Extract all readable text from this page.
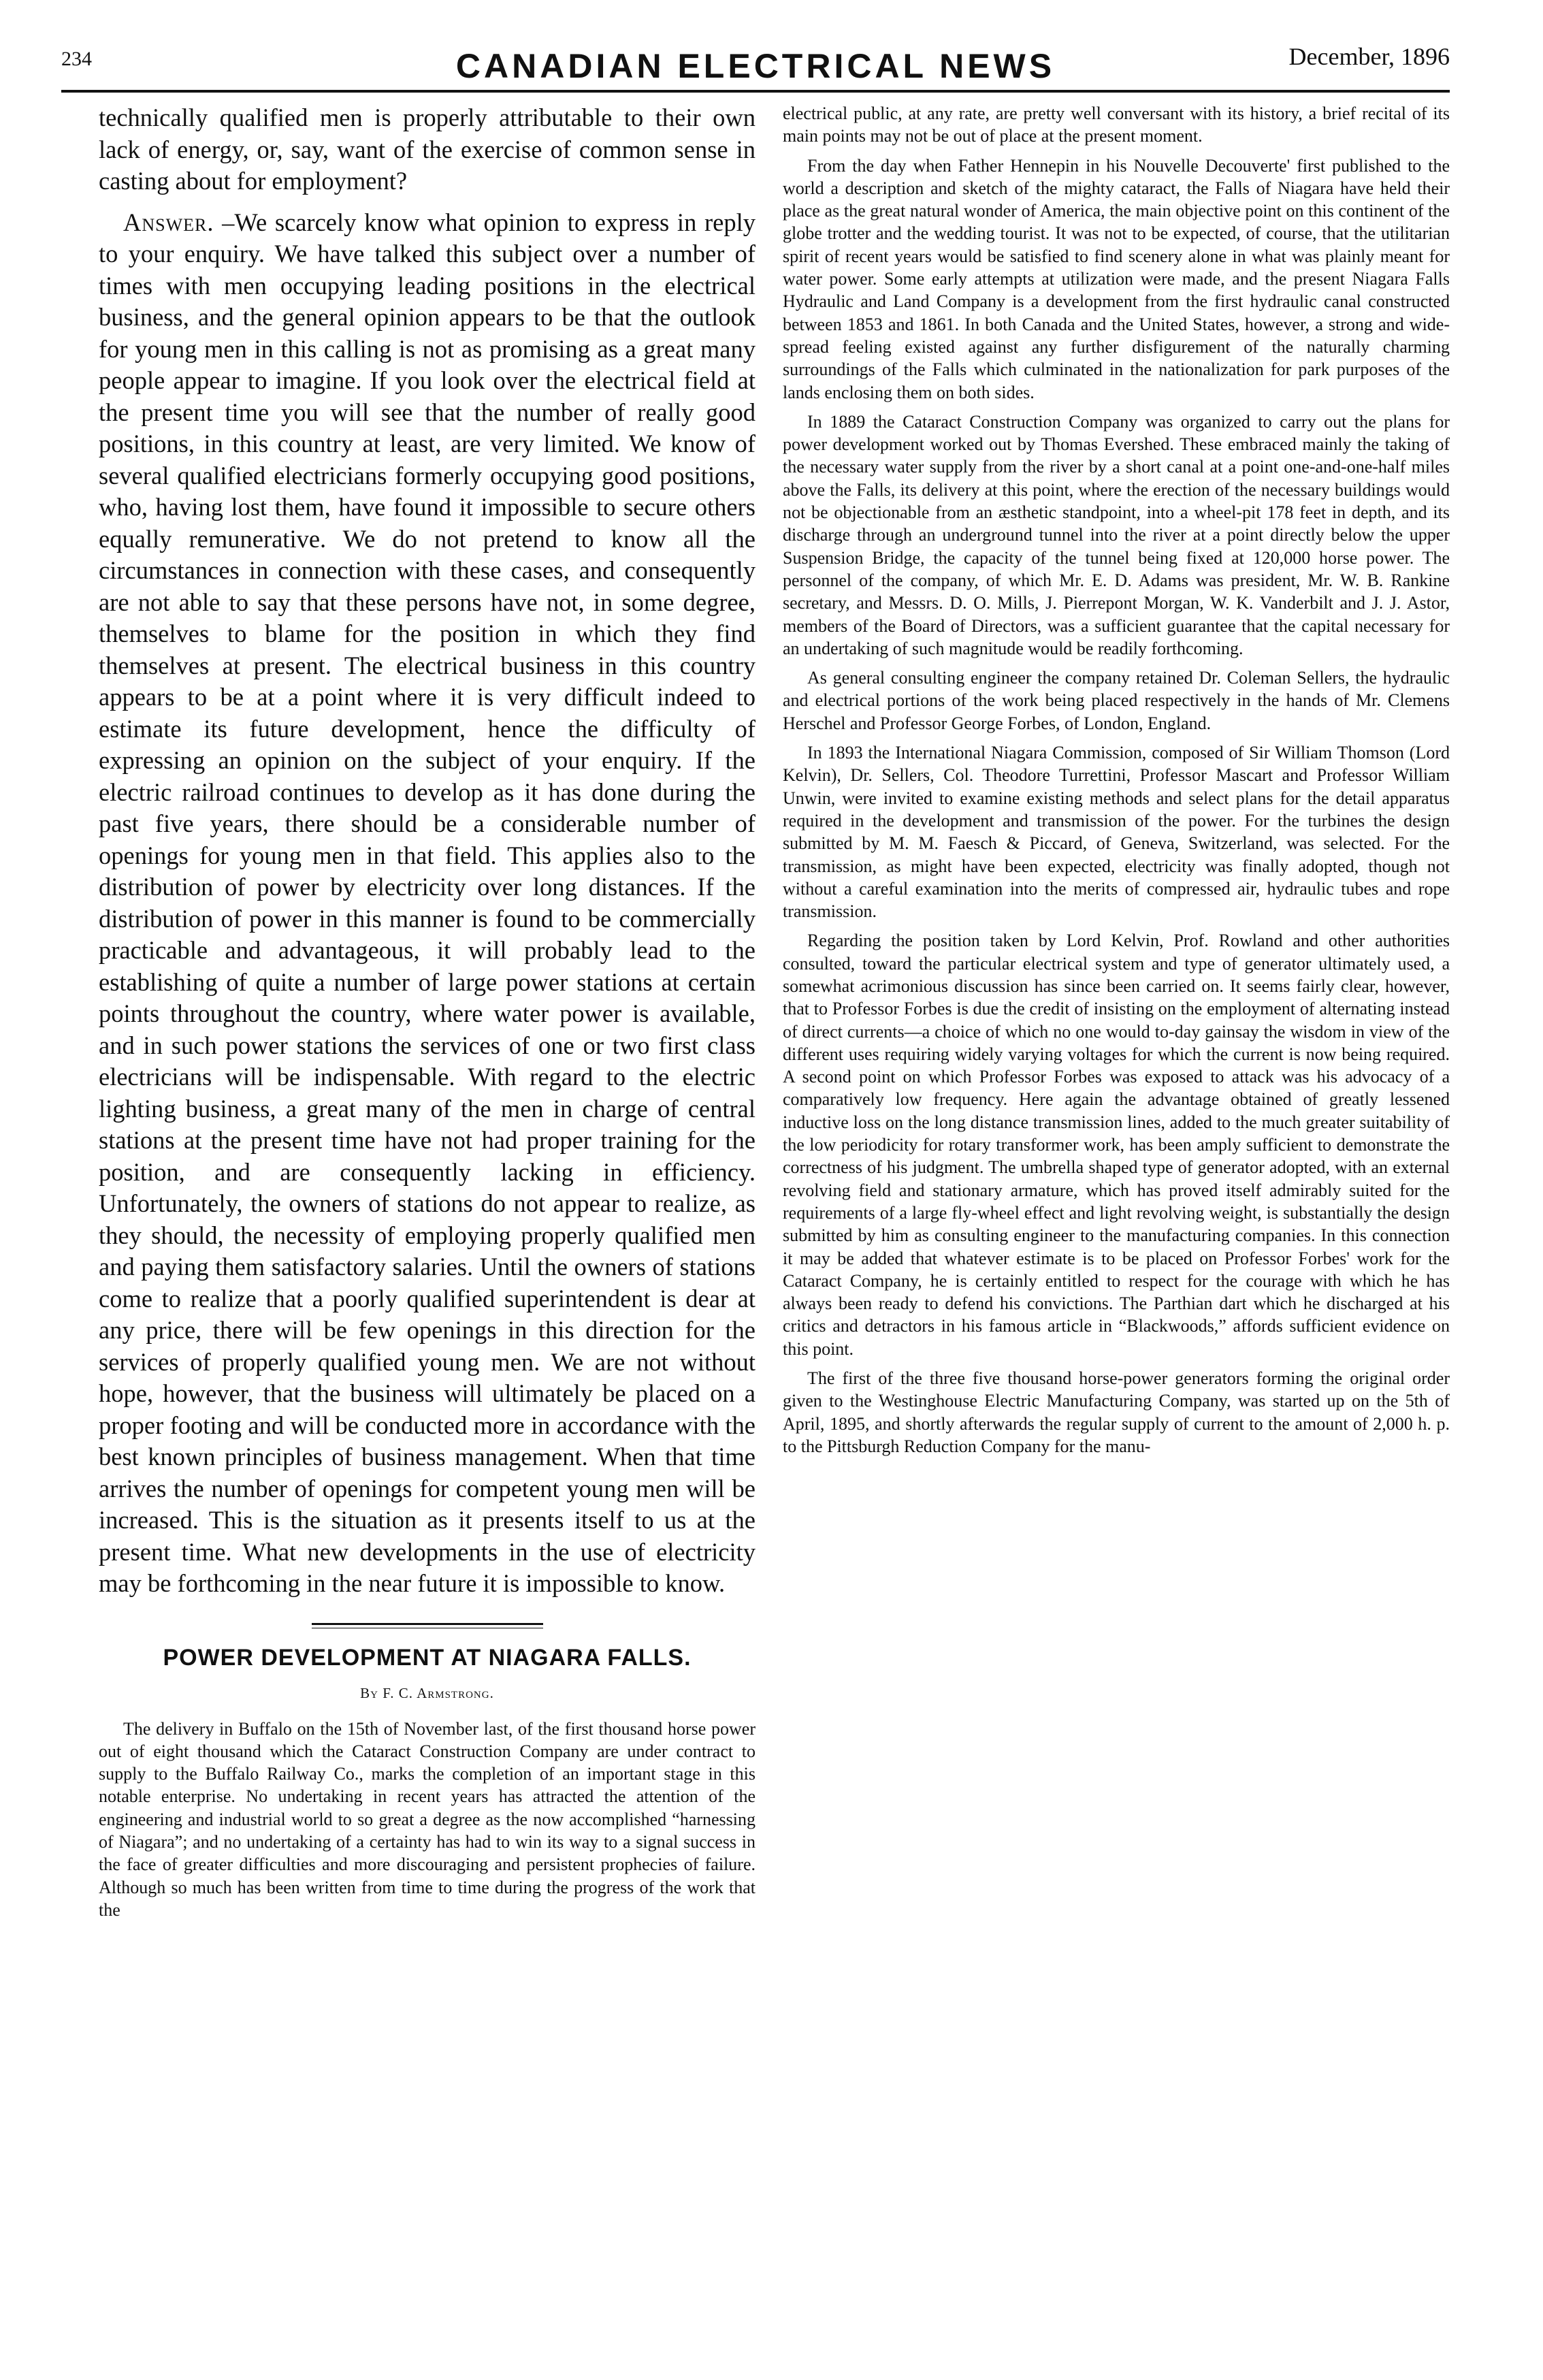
234	CANADIAN ELECTRICAL NEWS	December, 1896

technically qualified men is properly attributable to their own lack of energy, or, say, want of the exercise of common sense in casting about for employment?

Answer. –We scarcely know what opinion to express in reply to your enquiry. We have talked this subject over a number of times with men occupying leading positions in the electrical business, and the general opinion appears to be that the outlook for young men in this calling is not as promising as a great many people appear to imagine. If you look over the electrical field at the present time you will see that the number of really good positions, in this country at least, are very limited. We know of several qualified electricians formerly occupying good positions, who, having lost them, have found it impossible to secure others equally remunerative. We do not pretend to know all the circumstances in connection with these cases, and consequently are not able to say that these persons have not, in some degree, themselves to blame for the position in which they find themselves at present. The electrical business in this country appears to be at a point where it is very difficult indeed to estimate its future development, hence the difficulty of expressing an opinion on the subject of your enquiry. If the electric railroad continues to develop as it has done during the past five years, there should be a considerable number of openings for young men in that field. This applies also to the distribution of power by electricity over long distances. If the distribution of power in this manner is found to be commercially practicable and advantageous, it will probably lead to the establishing of quite a number of large power stations at certain points throughout the country, where water power is available, and in such power stations the services of one or two first class electricians will be indispensable. With regard to the electric lighting business, a great many of the men in charge of central stations at the present time have not had proper training for the position, and are consequently lacking in efficiency. Unfortunately, the owners of stations do not appear to realize, as they should, the necessity of employing properly qualified men and paying them satisfactory salaries. Until the owners of stations come to realize that a poorly qualified superintendent is dear at any price, there will be few openings in this direction for the services of properly qualified young men. We are not without hope, however, that the business will ultimately be placed on a proper footing and will be conducted more in accordance with the best known principles of business management. When that time arrives the number of openings for competent young men will be increased. This is the situation as it presents itself to us at the present time. What new developments in the use of electricity may be forthcoming in the near future it is impossible to know.

POWER DEVELOPMENT AT NIAGARA FALLS.
By F. C. Armstrong.

The delivery in Buffalo on the 15th of November last, of the first thousand horse power out of eight thousand which the Cataract Construction Company are under contract to supply to the Buffalo Railway Co., marks the completion of an important stage in this notable enterprise. No undertaking in recent years has attracted the attention of the engineering and industrial world to so great a degree as the now accomplished “harnessing of Niagara”; and no undertaking of a certainty has had to win its way to a signal success in the face of greater difficulties and more discouraging and persistent prophecies of failure. Although so much has been written from time to time during the progress of the work that the

electrical public, at any rate, are pretty well conversant with its history, a brief recital of its main points may not be out of place at the present moment.

From the day when Father Hennepin in his Nouvelle Decouverte' first published to the world a description and sketch of the mighty cataract, the Falls of Niagara have held their place as the great natural wonder of America, the main objective point on this continent of the globe trotter and the wedding tourist. It was not to be expected, of course, that the utilitarian spirit of recent years would be satisfied to find scenery alone in what was plainly meant for water power. Some early attempts at utilization were made, and the present Niagara Falls Hydraulic and Land Company is a development from the first hydraulic canal constructed between 1853 and 1861. In both Canada and the United States, however, a strong and wide-spread feeling existed against any further disfigurement of the naturally charming surroundings of the Falls which culminated in the nationalization for park purposes of the lands enclosing them on both sides.

In 1889 the Cataract Construction Company was organized to carry out the plans for power development worked out by Thomas Evershed. These embraced mainly the taking of the necessary water supply from the river by a short canal at a point one-and-one-half miles above the Falls, its delivery at this point, where the erection of the necessary buildings would not be objectionable from an æsthetic standpoint, into a wheel-pit 178 feet in depth, and its discharge through an underground tunnel into the river at a point directly below the upper Suspension Bridge, the capacity of the tunnel being fixed at 120,000 horse power. The personnel of the company, of which Mr. E. D. Adams was president, Mr. W. B. Rankine secretary, and Messrs. D. O. Mills, J. Pierrepont Morgan, W. K. Vanderbilt and J. J. Astor, members of the Board of Directors, was a sufficient guarantee that the capital necessary for an undertaking of such magnitude would be readily forthcoming.

As general consulting engineer the company retained Dr. Coleman Sellers, the hydraulic and electrical portions of the work being placed respectively in the hands of Mr. Clemens Herschel and Professor George Forbes, of London, England.

In 1893 the International Niagara Commission, composed of Sir William Thomson (Lord Kelvin), Dr. Sellers, Col. Theodore Turrettini, Professor Mascart and Professor William Unwin, were invited to examine existing methods and select plans for the detail apparatus required in the development and transmission of the power. For the turbines the design submitted by M. M. Faesch & Piccard, of Geneva, Switzerland, was selected. For the transmission, as might have been expected, electricity was finally adopted, though not without a careful examination into the merits of compressed air, hydraulic tubes and rope transmission.

Regarding the position taken by Lord Kelvin, Prof. Rowland and other authorities consulted, toward the particular electrical system and type of generator ultimately used, a somewhat acrimonious discussion has since been carried on. It seems fairly clear, however, that to Professor Forbes is due the credit of insisting on the employment of alternating instead of direct currents—a choice of which no one would to-day gainsay the wisdom in view of the different uses requiring widely varying voltages for which the current is now being required. A second point on which Professor Forbes was exposed to attack was his advocacy of a comparatively low frequency. Here again the advantage obtained of greatly lessened inductive loss on the long distance transmission lines, added to the much greater suitability of the low periodicity for rotary transformer work, has been amply sufficient to demonstrate the correctness of his judgment. The umbrella shaped type of generator adopted, with an external revolving field and stationary armature, which has proved itself admirably suited for the requirements of a large fly-wheel effect and light revolving weight, is substantially the design submitted by him as consulting engineer to the manufacturing companies. In this connection it may be added that whatever estimate is to be placed on Professor Forbes' work for the Cataract Company, he is certainly entitled to respect for the courage with which he has always been ready to defend his convictions. The Parthian dart which he discharged at his critics and detractors in his famous article in “Blackwoods,” affords sufficient evidence on this point.

The first of the three five thousand horse-power generators forming the original order given to the Westinghouse Electric Manufacturing Company, was started up on the 5th of April, 1895, and shortly afterwards the regular supply of current to the amount of 2,000 h. p. to the Pittsburgh Reduction Company for the manu-
